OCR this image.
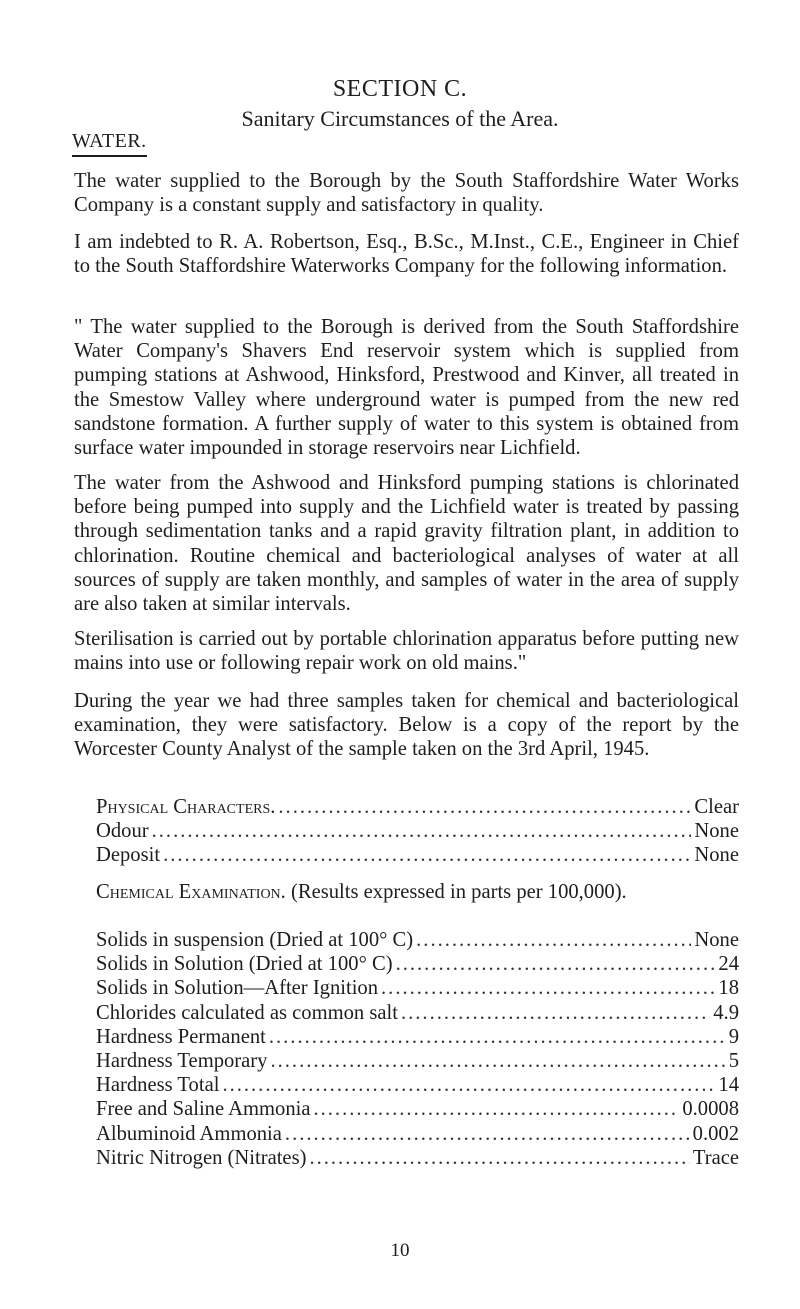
SECTION C.

Sanitary Circumstances of the Area.

WATER.

The water supplied to the Borough by the South Staffordshire Water Works Company is a constant supply and satisfactory in quality.

I am indebted to R. A. Robertson, Esq., B.Sc., M.Inst., C.E., Engineer in Chief to the South Staffordshire Waterworks Company for the following information.

" The water supplied to the Borough is derived from the South Staffordshire Water Company's Shavers End reservoir system which is supplied from pumping stations at Ashwood, Hinksford, Prestwood and Kinver, all treated in the Smestow Valley where underground water is pumped from the new red sandstone formation. A further supply of water to this system is obtained from surface water impounded in storage reservoirs near Lichfield.

The water from the Ashwood and Hinksford pumping stations is chlorinated before being pumped into supply and the Lichfield water is treated by passing through sedimentation tanks and a rapid gravity filtration plant, in addition to chlorination. Routine chemical and bacteriological analyses of water at all sources of supply are taken monthly, and samples of water in the area of supply are also taken at similar intervals.

Sterilisation is carried out by portable chlorination apparatus before putting new mains into use or following repair work on old mains."

During the year we had three samples taken for chemical and bacteriological examination, they were satisfactory. Below is a copy of the report by the Worcester County Analyst of the sample taken on the 3rd April, 1945.

Physical Characters. .....	Clear
Odour .....	None
Deposit .....	None

Chemical Examination. (Results expressed in parts per 100,000).

Solids in suspension (Dried at 100° C) .....	None
Solids in Solution (Dried at 100° C) .....	24
Solids in Solution—After Ignition .....	18
Chlorides calculated as common salt .....	4.9
Hardness Permanent .....	9
Hardness Temporary .....	5
Hardness Total .....	14
Free and Saline Ammonia .....	0.0008
Albuminoid Ammonia .....	0.002
Nitric Nitrogen (Nitrates) .....	Trace

10
